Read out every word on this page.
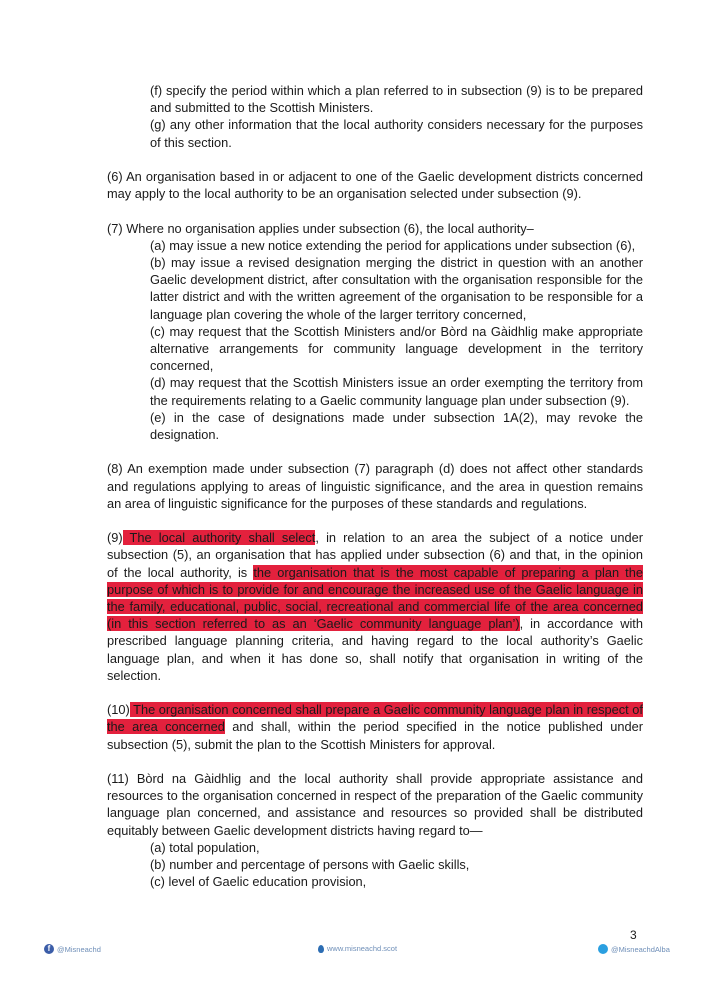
(f) specify the period within which a plan referred to in subsection (9) is to be prepared and submitted to the Scottish Ministers.

(g) any other information that the local authority considers necessary for the purposes of this section.

(6) An organisation based in or adjacent to one of the Gaelic development districts concerned may apply to the local authority to be an organisation selected under subsection (9).

(7) Where no organisation applies under subsection (6), the local authority–

(a) may issue a new notice extending the period for applications under subsection (6),

(b) may issue a revised designation merging the district in question with an another Gaelic development district, after consultation with the organisation responsible for the latter district and with the written agreement of the organisation to be responsible for a language plan covering the whole of the larger territory concerned,

(c) may request that the Scottish Ministers and/or Bòrd na Gàidhlig make appropriate alternative arrangements for community language development in the territory concerned,

(d) may request that the Scottish Ministers issue an order exempting the territory from the requirements relating to a Gaelic community language plan under subsection (9).

(e) in the case of designations made under subsection 1A(2), may revoke the designation.

(8) An exemption made under subsection (7) paragraph (d) does not affect other standards and regulations applying to areas of linguistic significance, and the area in question remains an area of linguistic significance for the purposes of these standards and regulations.

(9) The local authority shall select, in relation to an area the subject of a notice under subsection (5), an organisation that has applied under subsection (6) and that, in the opinion of the local authority, is the organisation that is the most capable of preparing a plan the purpose of which is to provide for and encourage the increased use of the Gaelic language in the family, educational, public, social, recreational and commercial life of the area concerned (in this section referred to as an ‘Gaelic community language plan’), in accordance with prescribed language planning criteria, and having regard to the local authority’s Gaelic language plan, and when it has done so, shall notify that organisation in writing of the selection.

(10) The organisation concerned shall prepare a Gaelic community language plan in respect of the area concerned and shall, within the period specified in the notice published under subsection (5), submit the plan to the Scottish Ministers for approval.

(11) Bòrd na Gàidhlig and the local authority shall provide appropriate assistance and resources to the organisation concerned in respect of the preparation of the Gaelic community language plan concerned, and assistance and resources so provided shall be distributed equitably between Gaelic development districts having regard to—

(a) total population,

(b) number and percentage of persons with Gaelic skills,

(c) level of Gaelic education provision,

3
f @Misneachd	www.misneachd.scot	@MisneachdAlba
